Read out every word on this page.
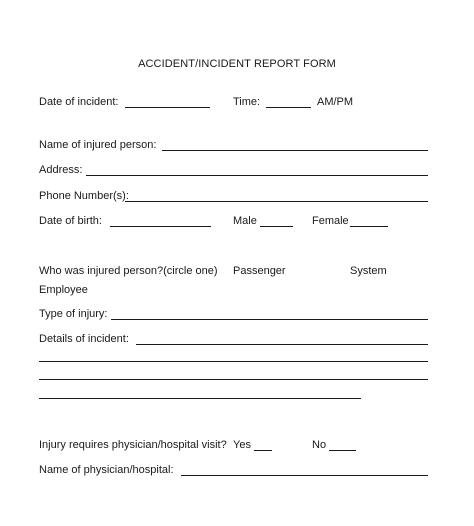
ACCIDENT/INCIDENT REPORT FORM
Date of incident:	Time:	AM/PM
Name of injured person:
Address:
Phone Number(s):
Date of birth:	Male	Female
Who was injured person?(circle one) Passenger	System
Employee
Type of injury:
Details of incident:
Injury requires physician/hospital visit? Yes	No
Name of physician/hospital:
